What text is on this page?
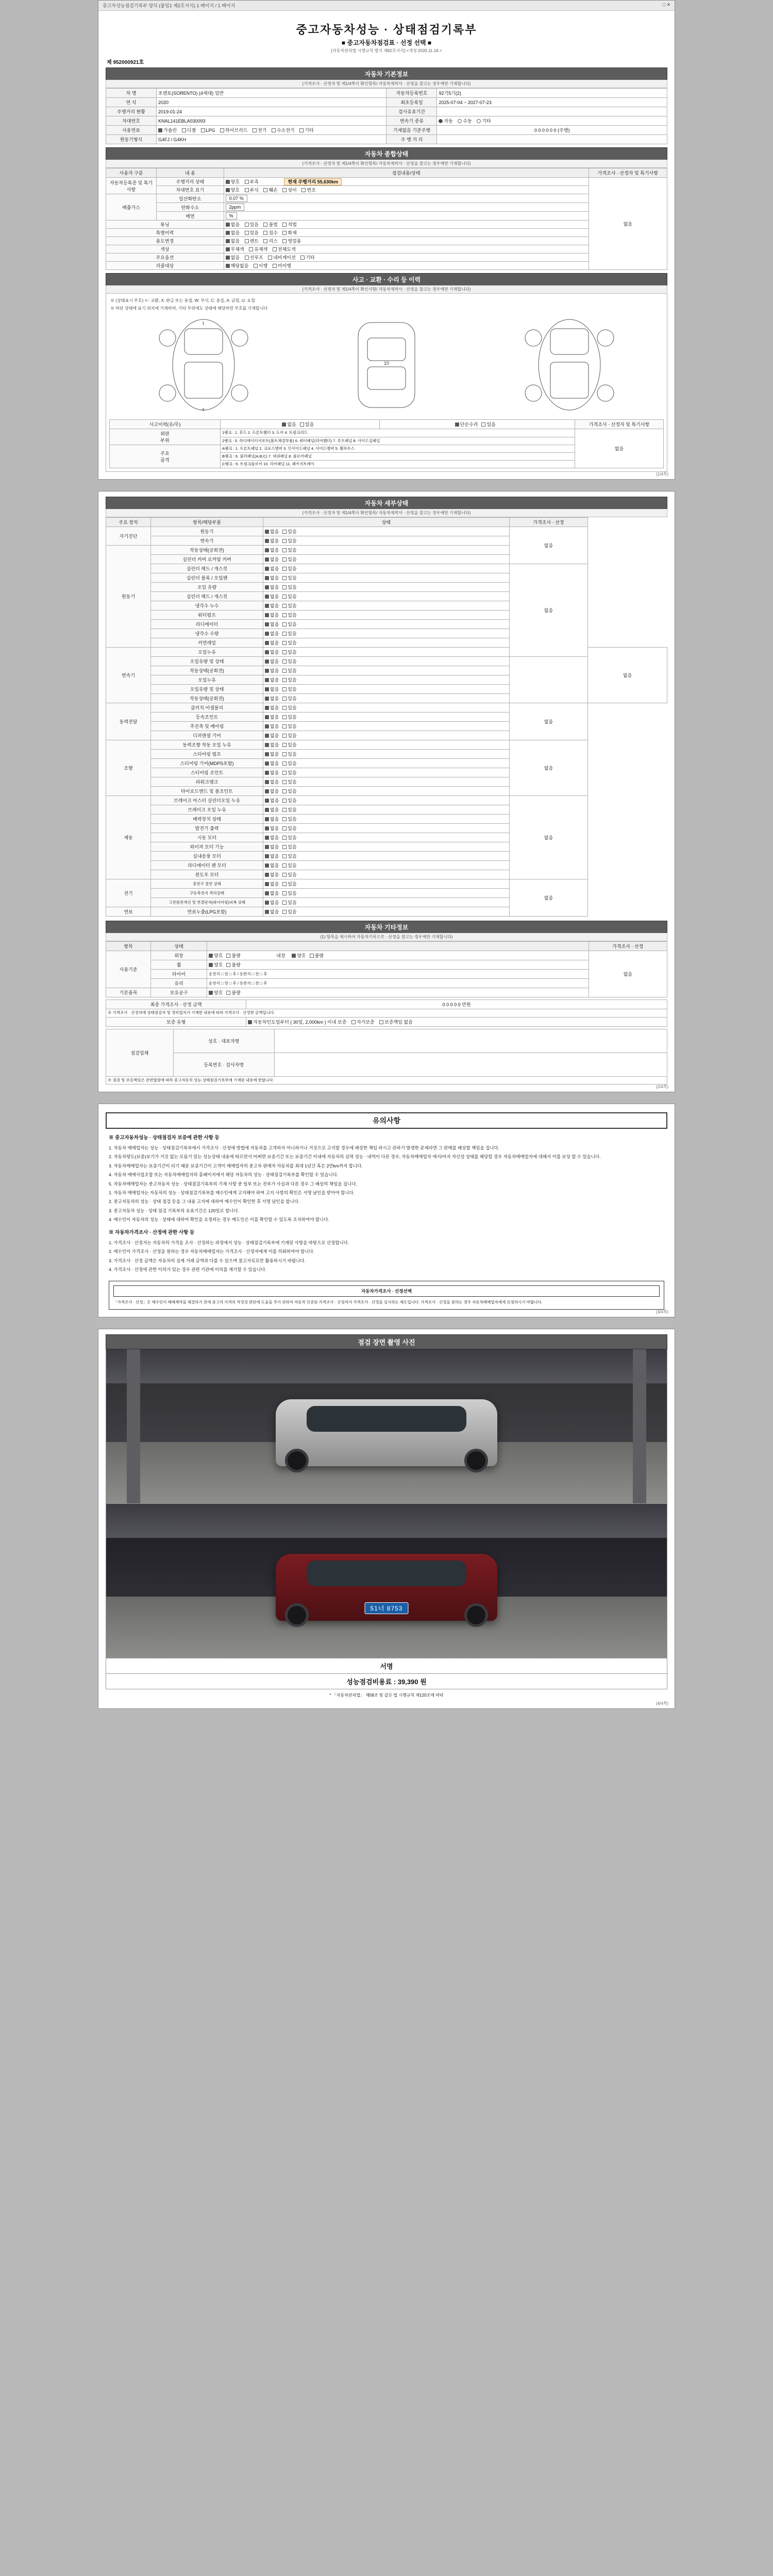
중고차성능점검기록부 양식 (붙임1 제2호서식) 1 페이지 / 1 페이지	□ ✕
중고자동차성능 · 상태점검기록부
■ 중고자동차점검표 · 선정 선택 ■
[자동차관리법 시행규칙 별지 제82호서식] <개정 2020.11.18.>
제 952000921호
자동차 기본정보
(가격조사 · 산정자 및 제1/4쪽이 확인항목/ 자동차제작사 · 산정을 참고는 경우에만 기재합니다)
차 명	쏘렌토(SORENTO) (4세대) 일반	자동차등록번호	92기5기(2)
연 식	2020	최초등록일	2025-07-04 ~ 2027-07-23
주행거리 현황	2019-01-24	검사유효기간	
차대번호	KNAL141EBLA030093	변속기 종류	자동 수동 기타
사용연료	가솔린 디젤 LPG 하이브리드 전기 수소전기 기타	기재없음 기준주행	0 0 0 0 0 0 (주행)
원동기형식	G4FJ / G4KH	주 행 거 리	
자동차 종합상태
(가격조사 · 산정자 및 제1/4쪽이 확인항목/ 자동차제작사 · 산정을 참고는 경우에만 기재합니다)
사용자 구분	내 용	점검내용/상태	가격조사 · 산정자 및 특기사항
자동차등록증 및 특기사항	주행거리 상태	양호 부족 현재 주행거리 55,630km	없음
	차대번호 표기	양호 부식 훼손 상이 변조	
배출가스	일산화탄소	0.07 %	
	탄화수소	2ppm	
	매연	%	
튜닝		없음 있음 불법 적법	
특별이력		없음 있음 침수 화재	
용도변경		없음 렌트 리스 영업용	
색상		무채색 유채색 전체도색	
주요옵션		없음 선루프 내비게이션 기타	
리콜대상		해당없음 이행 미이행	
사고 · 교환 · 수리 등 이력
(가격조사 · 산정자 및 제1/4쪽이 확인사항/ 자동차제작사 · 산정을 참고는 경우에만 기재합니다)
※ (상태표시 부호) ㅌ: 교환, X: 판금 또는 용접, W: 부식, C: 흠집, A: 긁힘, U: 요철
※ 하단 상태에 표기 위치에 기재하며, 기타 부위에도 상태에 해당하면 부호를 기재합니다
1
4
10
사고이력(유/무)	없음 있음	단순수리 있음	가격조사 · 산정자 및 특기사항
외판
부위	1랭크 : 1. 후드 2. 프론트휀더 3. 도어 4. 트렁크리드		없음
	2랭크 : 5. 라디에이터서포트(볼트체결부품) 6. 쿼터패널(리어휀더) 7. 루프패널 8. 사이드실패널		
주요
골격	A랭크 : 1. 프론트패널 2. 크로스멤버 3. 인사이드패널 4. 사이드멤버 5. 휠하우스		
	B랭크 : 6. 필러패널(A,B,C) 7. 대쉬패널 8. 플로어패널		
	C랭크 : 9. 트렁크플로어 10. 리어패널 11. 패키지트레이		
(1/4쪽)
자동차 세부상태
(가격조사 · 산정자 및 제1/4쪽이 확인항목/ 자동차제작사 · 산정을 참고는 경우에만 기재합니다)
주요 장치	항목/해당부품	상태	가격조사 · 산정	
자기진단	원동기	없음 있음	없음	
	변속기	없음 있음		
원동기	작동상태(공회전)	없음 있음		
	실린더 커버 로커암 커버	없음 있음		
	실린더 헤드 / 개스킷	없음 있음	없음	
	실린더 블록 / 오일팬	없음 있음		
	오일 유량	없음 있음		
	실린더 헤드 / 개스킷	없음 있음		
	냉각수 누수	없음 있음		
	워터펌프	없음 있음		
	라디에이터	없음 있음		
	냉각수 수량	없음 있음		
	커먼레일	없음 있음		
변속기	오일누유	없음 있음		없음
	오일유량 및 상태	없음 있음		
	작동상태(공회전)	없음 있음		
	오일누유	없음 있음		
	오일유량 및 상태	없음 있음		
	작동상태(공회전)	없음 있음		
동력전달	클러치 어셈블리	없음 있음	없음	
	등속조인트	없음 있음		
	추진축 및 베어링	없음 있음		
	디퍼렌셜 기어	없음 있음		
조향	동력조향 작동 오일 누유	없음 있음	없음	
	스티어링 펌프	없음 있음		
	스티어링 기어(MDPS포함)	없음 있음		
	스티어링 조인트	없음 있음		
	파워크랭크	없음 있음		
	타이로드엔드 및 볼조인트	없음 있음		
제동	브레이크 마스터 실린더오일 누유	없음 있음	없음	
	브레이크 오일 누유	없음 있음		
	배력장치 상태	없음 있음		
	발전기 출력	없음 있음		
	시동 모터	없음 있음		
	와이퍼 모터 기능	없음 있음		
	실내송풍 모터	없음 있음		
	라디에이터 팬 모터	없음 있음		
	윈도우 모터	없음 있음		
전기	충전구 절연 상태	없음 있음	없음	
	구동축전지 격리상태	없음 있음		
	고전원전개선 및 연결단자(와이어링)피복 상태	없음 있음		
연료	연료누출(LPG포함)	없음 있음		
자동차 기타정보
(1) 항목을 제시하여 자동차기록으로 · 산정을 참고는 경우에만 기재합니다)
항목	상태		가격조사 · 산정
사용기준	외장	양호 불량 내장 양호 불량	없음
	휠	양호 불량	
	타이어	운전석 □ 전 □ 후 / 동반석 □ 전 □ 후	
	유리	운전석 □ 전 □ 후 / 동반석 □ 전 □ 후	
기본품목	보유공구	양호 불량	
최종 가격조사 · 산정 금액	0 0 0 0 0 만원
※ 가격조사 · 산정자에 상태점검자 및 정비업자가 기재한 내용에 따라 가격조사 · 산정한 금액입니다.	
보증 유형	자동차인도일부터 ( 30일, 2,000km ) 이내 보증 자가보증 보증책임 없음
점검업체	상호 · 대표자명	
	등록번호 · 검사자명	
※ 점검 및 보증책임은 관련법령에 따라 중고자동차 성능·상태점검기록부에 기재된 내용에 한합니다.		
(2/4쪽)
유의사항
※ 중고자동차성능 · 상태점검자 보증에 관한 사항 등

1. 자동차 매매업자는 성능 · 상태점검기록부에서 가격조사 · 산정에 방법에 자동차를 고객하지 아니하거나 거짓으로 고지할 경우에 배상한 책임 하시고 관하기 발생한 문제라면 그 판매를 배상할 책임을 집니다.

2. 자동차양도(보증)보기가 거짓 없는 모름기 있는 성능상태 내용에 따르면서 어쩌면 보증기간 또는 보증기간 이내에 자동차의 실력 성능 · 내역이 다른 경우, 자동차매매업자 에서/어지 자신상 상태를 해당할 경우 자동차매매업자에 대해서 이를 보상 할 수 있습니다.

3. 자동차매매업자는 보증기간이 되기 때문 보증기간이 고객이 매매업자의 중고차 판매자 자동차를 최대 1년간 혹은 2만km까지 합니다.

4. 자동차 매매사업조합 또는 자동차매매업자의 홈페이지에서 해당 자동차의 성능 · 상태점검기록부를 확인할 수 있습니다.

5. 자동차매매업자는 중고자동차 성능 · 상태점검기록부의 기재 사항 중 일부 또는 전부가 사실과 다른 경우 그 배상의 책임을 집니다.

1. 자동차 매매업자는 자동차의 성능 · 상태점검기록부를 매수인에게 고지해야 하며 고지 사항의 확인은 서명 날인을 받아야 합니다.

2. 중고자동차의 성능 · 상태 점검 등을 그 내용 고지에 대하여 매수인이 확인한 후 서명 날인을 합니다.

3. 중고자동차 성능 · 상태 점검 기록부의 유효기간은 120일로 합니다.

4. 매수인이 자동차의 성능 · 상태에 대하여 확인을 요청하는 경우 매도인은 이를 확인할 수 있도록 조치하여야 합니다.

※ 자동차가격조사 · 산정에 관한 사항 등

1. 가격조사 · 산정자는 자동차의 가격을 조사 · 산정하는 과정에서 성능 · 상태점검기록부에 기재된 사항을 바탕으로 산정합니다.

2. 매수인이 가격조사 · 산정을 원하는 경우 자동차매매업자는 가격조사 · 산정자에게 이를 의뢰하여야 합니다.

3. 가격조사 · 산정 금액은 자동차의 실제 거래 금액과 다를 수 있으며 참고자료로만 활용하시기 바랍니다.

4. 가격조사 · 산정에 관한 이의가 있는 경우 관련 기관에 이의를 제기할 수 있습니다.

자동차가격조사 · 산정선택
「가격조사 · 산정」은 매수인이 매매계약을 체결하기 전에 중고차 가격의 적정성 판단에 도움을 주기 위하여 자동차 인증된 가격조사 · 산정자가 가격조사 · 산정을 실시하는 제도입니다. 가격조사 · 산정을 원하는 경우 자동차매매업자에게 요청하시기 바랍니다.
(3/4쪽)
점검 장면 촬영 사진
51너 8753
서명
성능점검비용료 : 39,390 원
* 「자동차관리법」 제58조 및 같은 법 시행규칙 제120조에 따라
(4/4쪽)
